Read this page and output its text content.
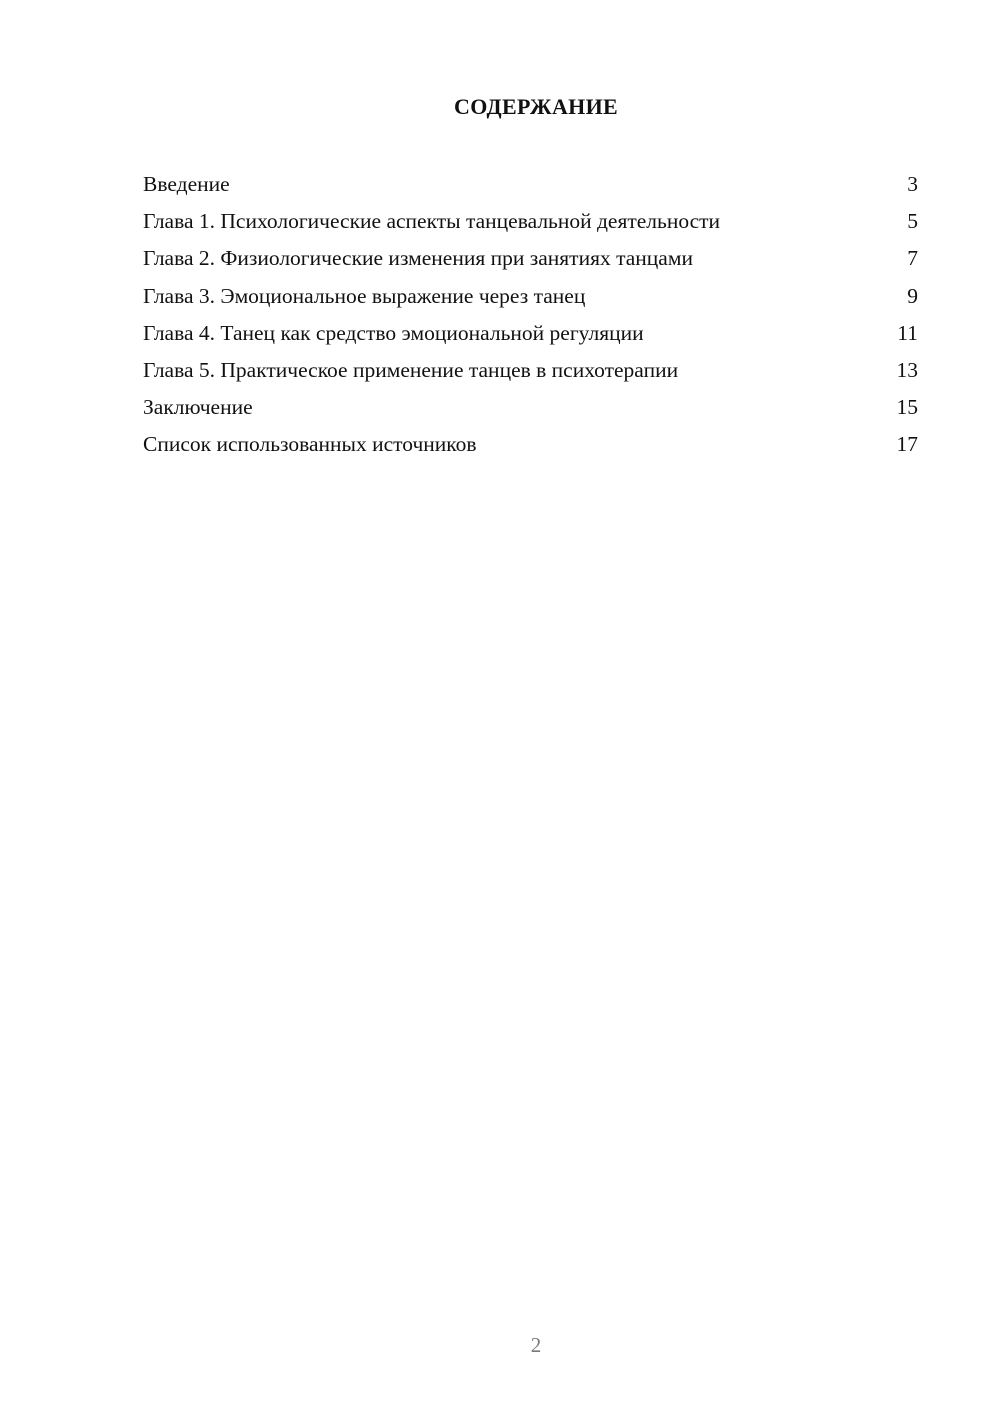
СОДЕРЖАНИЕ
Введение	3
Глава 1. Психологические аспекты танцевальной деятельности	5
Глава 2. Физиологические изменения при занятиях танцами	7
Глава 3. Эмоциональное выражение через танец	9
Глава 4. Танец как средство эмоциональной регуляции	11
Глава 5. Практическое применение танцев в психотерапии	13
Заключение	15
Список использованных источников	17
2
